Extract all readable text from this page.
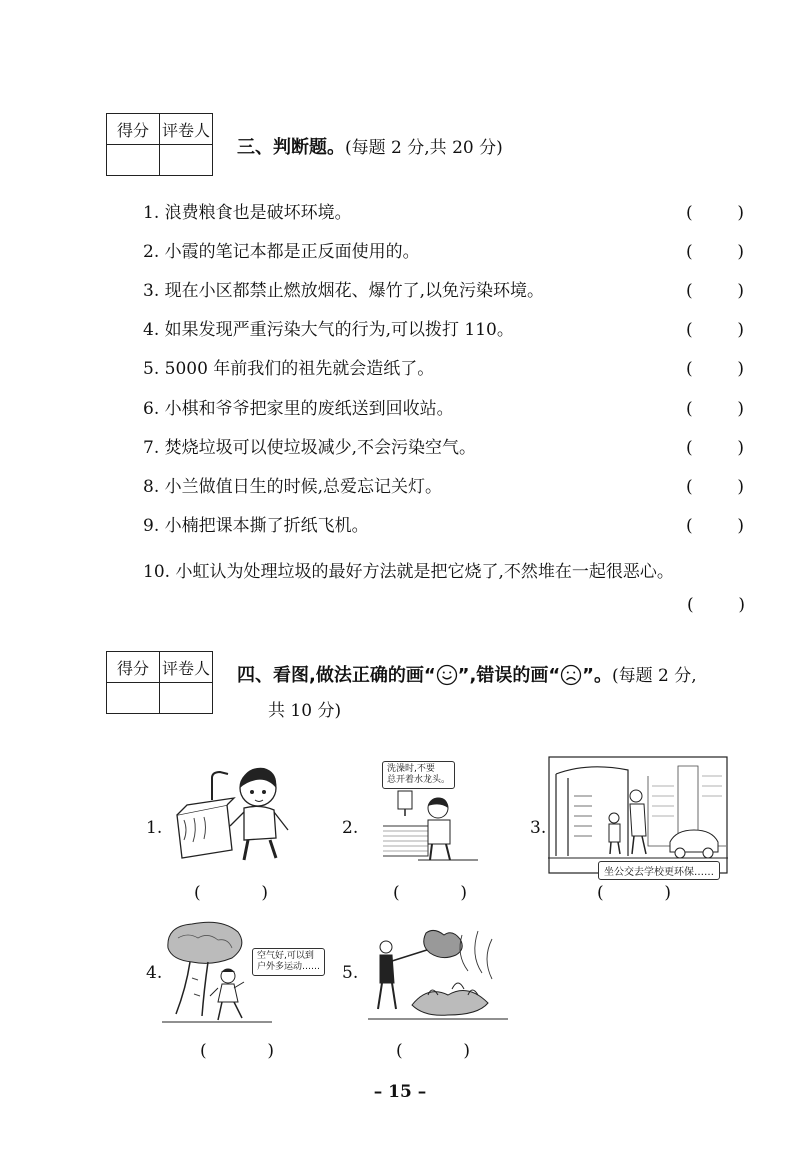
得分	评卷人

三、判断题。(每题 2 分,共 20 分)
1. 浪费粮食也是破坏环境。	(	)
2. 小霞的笔记本都是正反面使用的。	(	)
3. 现在小区都禁止燃放烟花、爆竹了,以免污染环境。	(	)
4. 如果发现严重污染大气的行为,可以拨打 110。	(	)
5. 5000 年前我们的祖先就会造纸了。	(	)
6. 小棋和爷爷把家里的废纸送到回收站。	(	)
7. 焚烧垃圾可以使垃圾减少,不会污染空气。	(	)
8. 小兰做值日生的时候,总爱忘记关灯。	(	)
9. 小楠把课本撕了折纸飞机。	(	)
10. 小虹认为处理垃圾的最好方法就是把它烧了,不然堆在一起很恶心。
(	)
得分	评卷人
	四、看图,做法正确的画“ ”,错误的画“ ”。(每题 2 分,
共 10 分)
1.
(	)
2.
洗澡时,不要
总开着水龙头。
(	)
3.
坐公交去学校更环保……
(	)
4.
空气好,可以到
户外多运动……
(	)
5.
(	)
– 15 –
